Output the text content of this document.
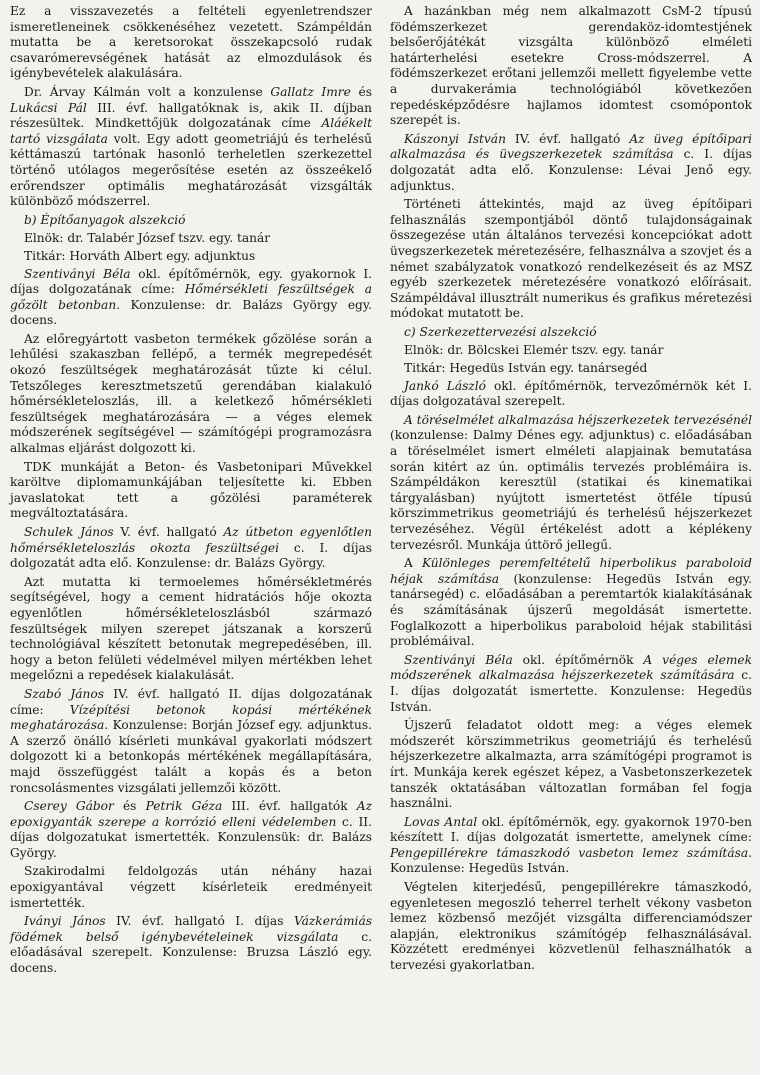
Ez a visszavezetés a feltételi egyenletrendszer ismeretleneinek csökkenéséhez vezetett. Számpéldán mutatta be a keretsorokat összekapcsoló rudak csavarómerevségének hatását az elmozdulások és igénybevételek alakulására.
Dr. Árvay Kálmán volt a konzulense Gallatz Imre és Lukácsi Pál III. évf. hallgatóknak is, akik II. díjban részesültek. Mindkettőjük dolgozatának címe Aláékelt tartó vizsgálata volt. Egy adott geometriájú és terhelésű kéttámaszú tartónak hasonló terheletlen szerkezettel történő utólagos megerősítése esetén az összeékelő erőrendszer optimális meghatározását vizsgálták különböző módszerrel.
b) Építőanyagok alszekció
Elnök: dr. Talabér József tszv. egy. tanár
Titkár: Horváth Albert egy. adjunktus
Szentiványi Béla okl. építőmérnök, egy. gyakornok I. díjas dolgozatának címe: Hőmérsékleti feszültségek a gőzölt betonban. Konzulense: dr. Balázs György egy. docens.
Az előregyártott vasbeton termékek gőzölése során a lehűlési szakaszban fellépő, a termék megrepedését okozó feszültségek meghatározását tűzte ki célul. Tetszőleges keresztmetszetű gerendában kialakuló hőmérsékleteloszlás, ill. a keletkező hőmérsékleti feszültségek meghatározására — a véges elemek módszerének segítségével — számítógépi programozásra alkalmas eljárást dolgozott ki.
TDK munkáját a Beton- és Vasbetonipari Művekkel karöltve diplomamunkájában teljesítette ki. Ebben javaslatokat tett a gőzölési paraméterek megváltoztatására.
Schulek János V. évf. hallgató Az útbeton egyenlőtlen hőmérsékleteloszlás okozta feszültségei c. I. díjas dolgozatát adta elő. Konzulense: dr. Balázs György.
Azt mutatta ki termoelemes hőmérsékletmérés segítségével, hogy a cement hidratációs hője okozta egyenlőtlen hőmérsékleteloszlásból származó feszültségek milyen szerepet játszanak a korszerű technológiával készített betonutak megrepedésében, ill. hogy a beton felületi védelmével milyen mértékben lehet megelőzni a repedések kialakulását.
Szabó János IV. évf. hallgató II. díjas dolgozatának címe: Vízépítési betonok kopási mértékének meghatározása. Konzulense: Borján József egy. adjunktus. A szerző önálló kísérleti munkával gyakorlati módszert dolgozott ki a betonkopás mértékének megállapítására, majd összefüggést talált a kopás és a beton roncsolásmentes vizsgálati jellemzői között.
Cserey Gábor és Petrik Géza III. évf. hallgatók Az epoxigyanták szerepe a korrózió elleni védelemben c. II. díjas dolgozatukat ismertették. Konzulensük: dr. Balázs György.
Szakirodalmi feldolgozás után néhány hazai epoxigyantával végzett kísérleteik eredményeit ismertették.
Iványi János IV. évf. hallgató I. díjas Vázkerámiás födémek belső igénybevételeinek vizsgálata c. előadásával szerepelt. Konzulense: Bruzsa László egy. docens.
A hazánkban még nem alkalmazott CsM-2 típusú födémszerkezet gerendaköz-idomtestjének belsőerőjátékát vizsgálta különböző elméleti határterhelési esetekre Cross-módszerrel. A födémszerkezet erőtani jellemzői mellett figyelembe vette a durvakerámia technológiából következően repedésképződésre hajlamos idomtest csomópontok szerepét is.
Kászonyi István IV. évf. hallgató Az üveg építőipari alkalmazása és üvegszerkezetek számítása c. I. díjas dolgozatát adta elő. Konzulense: Lévai Jenő egy. adjunktus.
Történeti áttekintés, majd az üveg építőipari felhasználás szempontjából döntő tulajdonságainak összegezése után általános tervezési koncepciókat adott üvegszerkezetek méretezésére, felhasználva a szovjet és a német szabályzatok vonatkozó rendelkezéseit és az MSZ egyéb szerkezetek méretezésére vonatkozó előírásait. Számpéldával illusztrált numerikus és grafikus méretezési módokat mutatott be.
c) Szerkezettervezési alszekció
Elnök: dr. Bölcskei Elemér tszv. egy. tanár
Titkár: Hegedüs István egy. tanársegéd
Jankó László okl. építőmérnök, tervezőmérnök két I. díjas dolgozatával szerepelt.
A töréselmélet alkalmazása héjszerkezetek tervezésénél (konzulense: Dalmy Dénes egy. adjunktus) c. előadásában a töréselmélet ismert elméleti alapjainak bemutatása során kitért az ún. optimális tervezés problémáira is. Számpéldákon keresztül (statikai és kinematikai tárgyalásban) nyújtott ismertetést ötféle típusú körszimmetrikus geometriájú és terhelésű héjszerkezet tervezéséhez. Végül értékelést adott a képlékeny tervezésről. Munkája úttörő jellegű.
A Különleges peremfeltételű hiperbolikus paraboloid héjak számítása (konzulense: Hegedüs István egy. tanársegéd) c. előadásában a peremtartók kialakításának és számításának újszerű megoldását ismertette. Foglalkozott a hiperbolikus paraboloid héjak stabilitási problémáival.
Szentiványi Béla okl. építőmérnök A véges elemek módszerének alkalmazása héjszerkezetek számítására c. I. díjas dolgozatát ismertette. Konzulense: Hegedüs István.
Újszerű feladatot oldott meg: a véges elemek módszerét körszimmetrikus geometriájú és terhelésű héjszerkezetre alkalmazta, arra számítógépi programot is írt. Munkája kerek egészet képez, a Vasbetonszerkezetek tanszék oktatásában változatlan formában fel fogja használni.
Lovas Antal okl. építőmérnök, egy. gyakornok 1970-ben készített I. díjas dolgozatát ismertette, amelynek címe: Pengepillérekre támaszkodó vasbeton lemez számítása. Konzulense: Hegedüs István.
Végtelen kiterjedésű, pengepillérekre támaszkodó, egyenletesen megoszló teherrel terhelt vékony vasbeton lemez közbenső mezőjét vizsgálta differenciamódszer alapján, elektronikus számítógép felhasználásával. Közzétett eredményei közvetlenül felhasználhatók a tervezési gyakorlatban.
